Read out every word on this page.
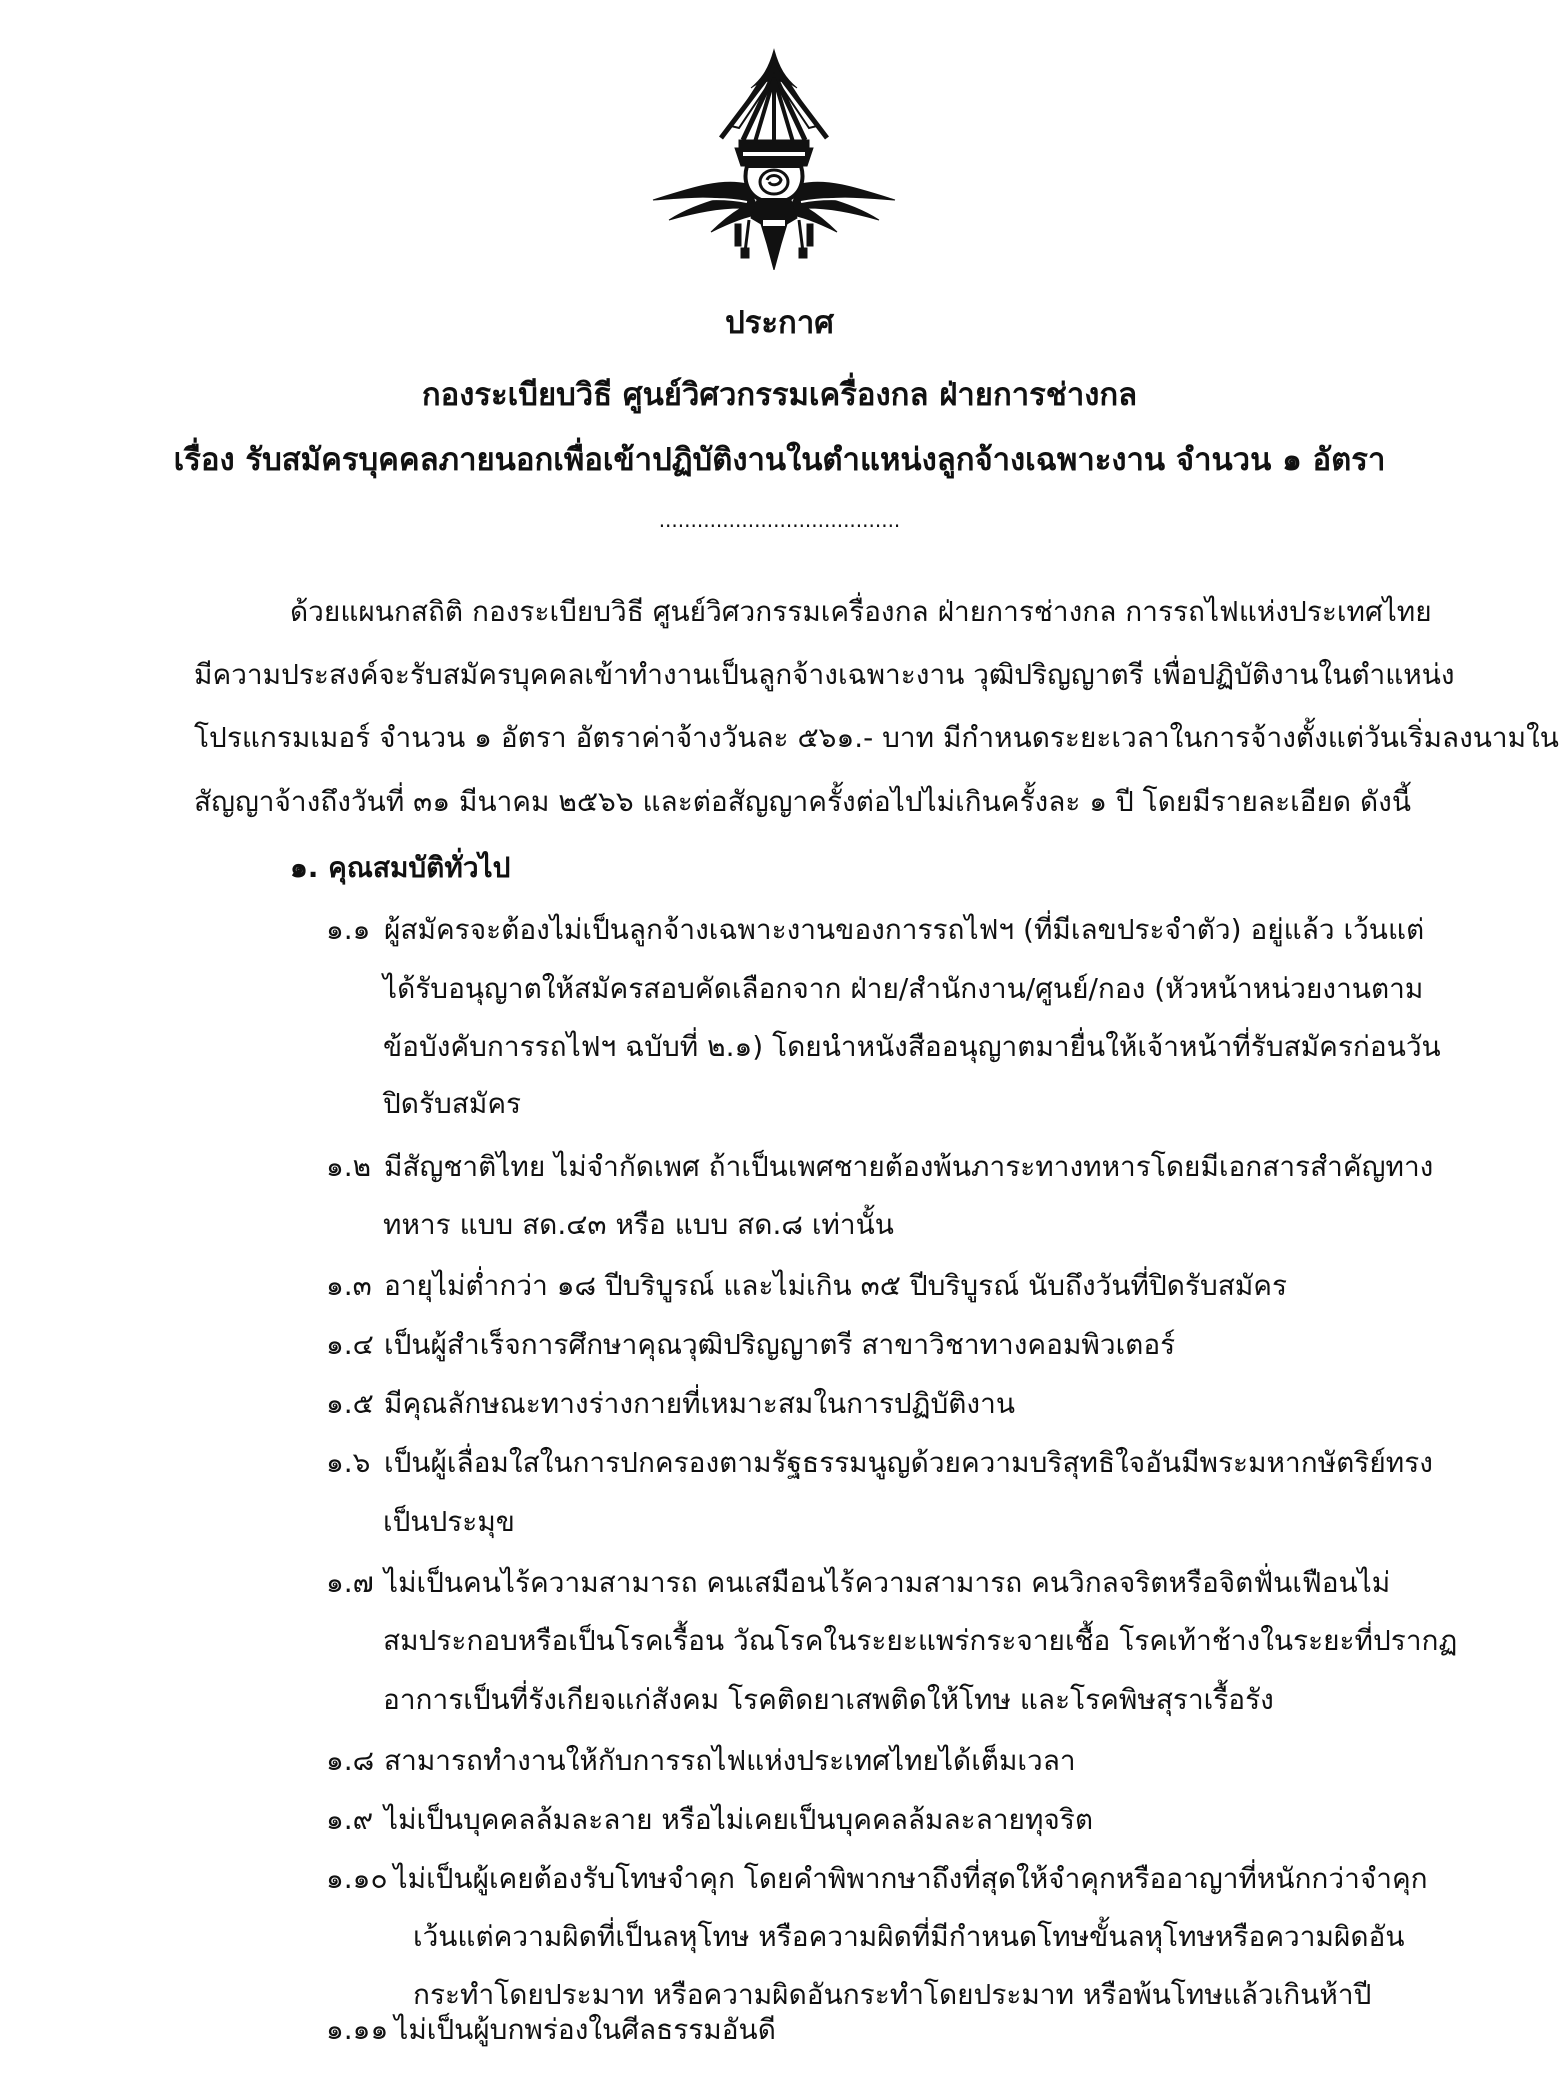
ประกาศ
กองระเบียบวิธี ศูนย์วิศวกรรมเครื่องกล ฝ่ายการช่างกล
เรื่อง รับสมัครบุคคลภายนอกเพื่อเข้าปฏิบัติงานในตำแหน่งลูกจ้างเฉพาะงาน จำนวน ๑ อัตรา
......................................
ด้วยแผนกสถิติ กองระเบียบวิธี ศูนย์วิศวกรรมเครื่องกล ฝ่ายการช่างกล การรถไฟแห่งประเทศไทย
มีความประสงค์จะรับสมัครบุคคลเข้าทำงานเป็นลูกจ้างเฉพาะงาน วุฒิปริญญาตรี เพื่อปฏิบัติงานในตำแหน่ง
โปรแกรมเมอร์ จำนวน ๑ อัตรา อัตราค่าจ้างวันละ ๕๖๑.- บาท มีกำหนดระยะเวลาในการจ้างตั้งแต่วันเริ่มลงนามใน
สัญญาจ้างถึงวันที่ ๓๑ มีนาคม ๒๕๖๖ และต่อสัญญาครั้งต่อไปไม่เกินครั้งละ ๑ ปี โดยมีรายละเอียด ดังนี้
๑. คุณสมบัติทั่วไป
๑.๑ ผู้สมัครจะต้องไม่เป็นลูกจ้างเฉพาะงานของการรถไฟฯ (ที่มีเลขประจำตัว) อยู่แล้ว เว้นแต่
ได้รับอนุญาตให้สมัครสอบคัดเลือกจาก ฝ่าย/สำนักงาน/ศูนย์/กอง (หัวหน้าหน่วยงานตาม
ข้อบังคับการรถไฟฯ ฉบับที่ ๒.๑) โดยนำหนังสืออนุญาตมายื่นให้เจ้าหน้าที่รับสมัครก่อนวัน
ปิดรับสมัคร
๑.๒ มีสัญชาติไทย ไม่จำกัดเพศ ถ้าเป็นเพศชายต้องพ้นภาระทางทหารโดยมีเอกสารสำคัญทาง
ทหาร แบบ สด.๔๓ หรือ แบบ สด.๘ เท่านั้น
๑.๓ อายุไม่ต่ำกว่า ๑๘ ปีบริบูรณ์ และไม่เกิน ๓๕ ปีบริบูรณ์ นับถึงวันที่ปิดรับสมัคร
๑.๔ เป็นผู้สำเร็จการศึกษาคุณวุฒิปริญญาตรี สาขาวิชาทางคอมพิวเตอร์
๑.๕ มีคุณลักษณะทางร่างกายที่เหมาะสมในการปฏิบัติงาน
๑.๖ เป็นผู้เลื่อมใสในการปกครองตามรัฐธรรมนูญด้วยความบริสุทธิใจอันมีพระมหากษัตริย์ทรง
เป็นประมุข
๑.๗ ไม่เป็นคนไร้ความสามารถ คนเสมือนไร้ความสามารถ คนวิกลจริตหรือจิตฟั่นเฟือนไม่
สมประกอบหรือเป็นโรคเรื้อน วัณโรคในระยะแพร่กระจายเชื้อ โรคเท้าช้างในระยะที่ปรากฏ
อาการเป็นที่รังเกียจแก่สังคม โรคติดยาเสพติดให้โทษ และโรคพิษสุราเรื้อรัง
๑.๘ สามารถทำงานให้กับการรถไฟแห่งประเทศไทยได้เต็มเวลา
๑.๙ ไม่เป็นบุคคลล้มละลาย หรือไม่เคยเป็นบุคคลล้มละลายทุจริต
๑.๑๐ ไม่เป็นผู้เคยต้องรับโทษจำคุก โดยคำพิพากษาถึงที่สุดให้จำคุกหรืออาญาที่หนักกว่าจำคุก
เว้นแต่ความผิดที่เป็นลหุโทษ หรือความผิดที่มีกำหนดโทษขั้นลหุโทษหรือความผิดอัน
กระทำโดยประมาท หรือความผิดอันกระทำโดยประมาท หรือพ้นโทษแล้วเกินห้าปี
๑.๑๑ ไม่เป็นผู้บกพร่องในศีลธรรมอันดี
